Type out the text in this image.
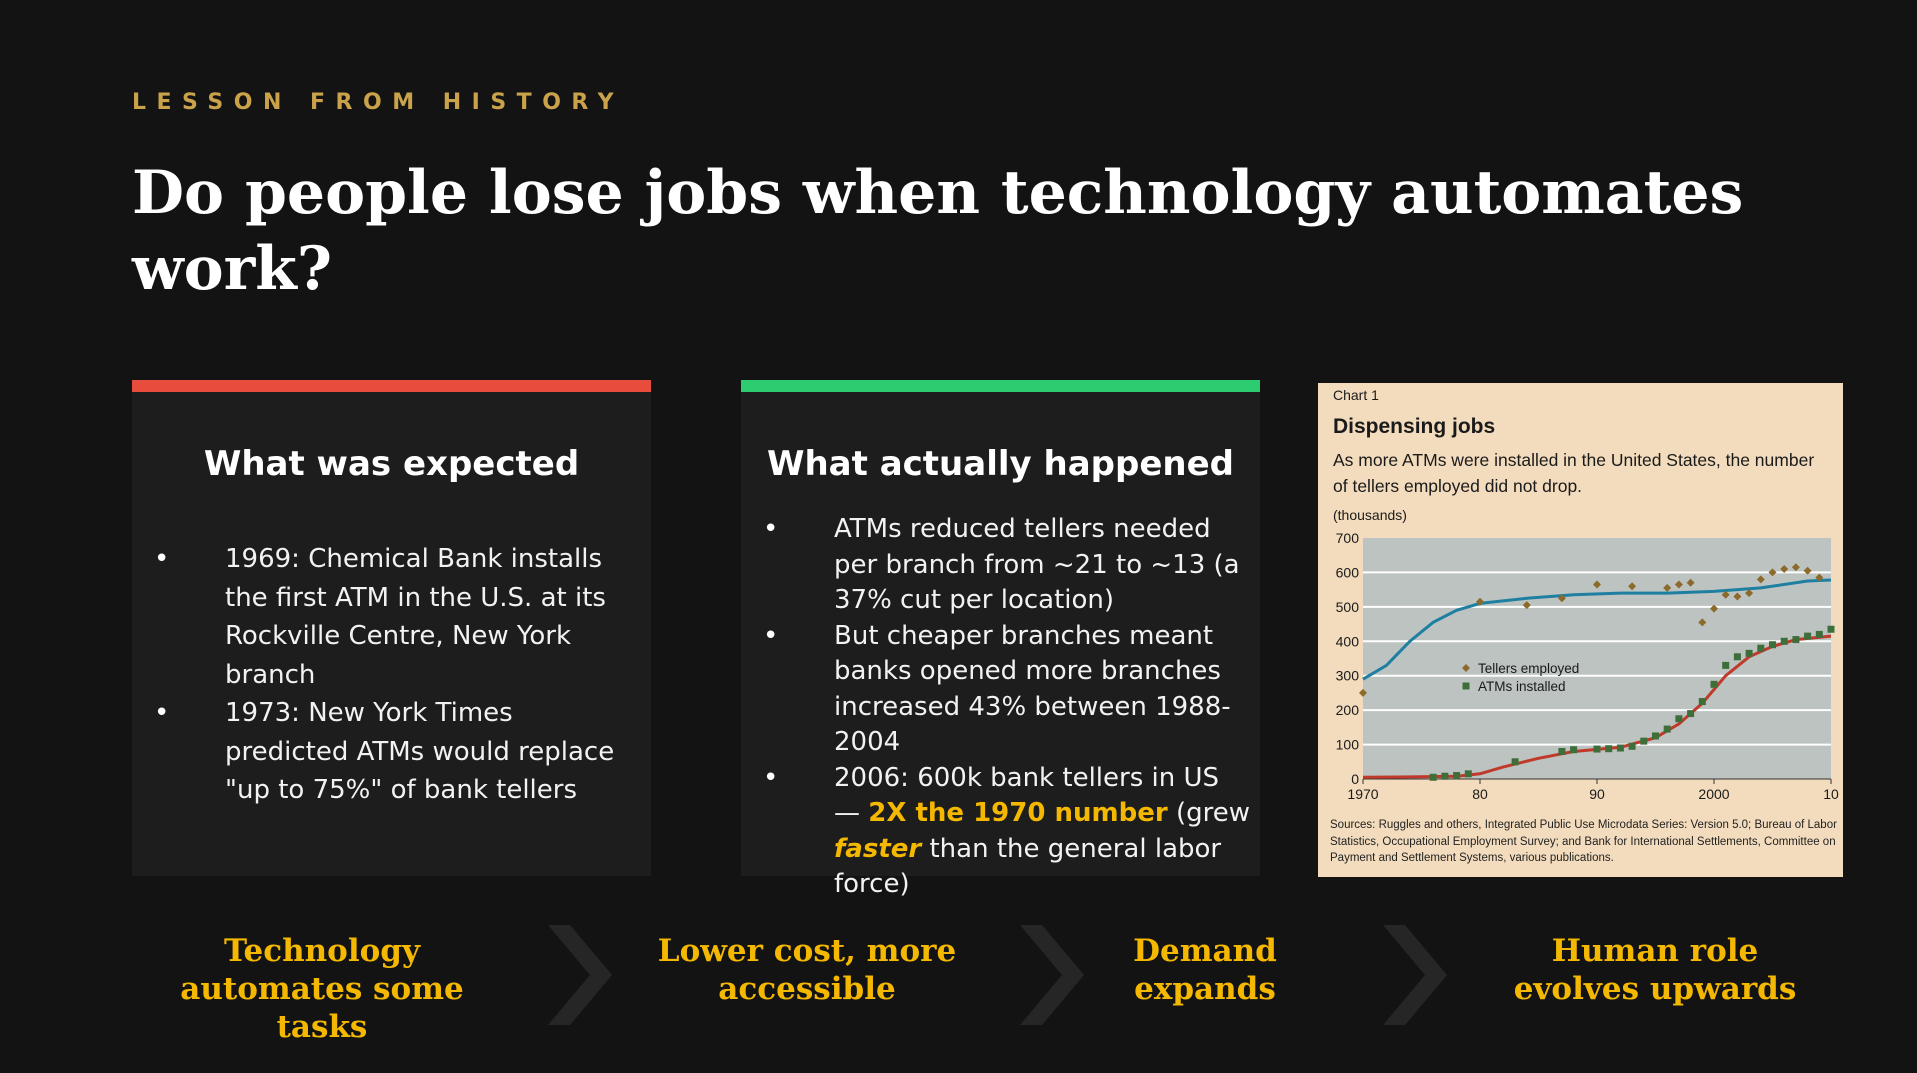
LESSON FROM HISTORY
Do people lose jobs when technology automates work?
What was expected
• 1969: Chemical Bank installs the first ATM in the U.S. at its Rockville Centre, New York branch
• 1973: New York Times predicted ATMs would replace "up to 75%" of bank tellers
What actually happened
• ATMs reduced tellers needed per branch from ~21 to ~13 (a 37% cut per location)
• But cheaper branches meant banks opened more branches increased 43% between 1988-2004
• 2006: 600k bank tellers in US — 2X the 1970 number (grew faster than the general labor force)
Chart 1
Dispensing jobs
As more ATMs were installed in the United States, the number of tellers employed did not drop.
(thousands)
0
100
200
300
400
500
600
700
1970	80	90	2000	10
Tellers employed
ATMs installed
Sources: Ruggles and others, Integrated Public Use Microdata Series: Version 5.0; Bureau of Labor Statistics, Occupational Employment Survey; and Bank for International Settlements, Committee on Payment and Settlement Systems, various publications.
Technology automates some tasks
Lower cost, more accessible
Demand expands
Human role evolves upwards
